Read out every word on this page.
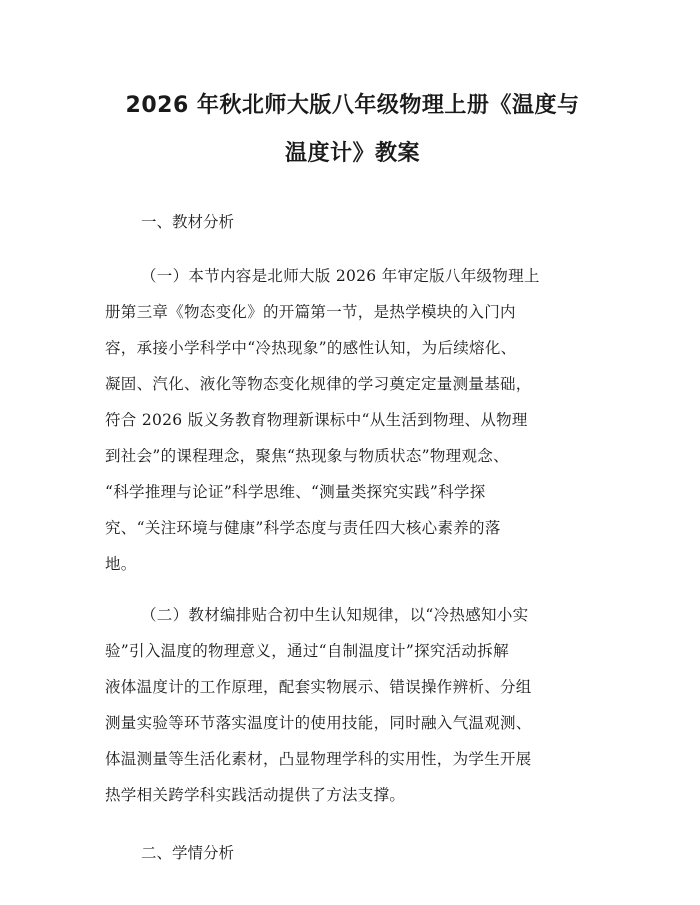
2026 年秋北师大版八年级物理上册《温度与
温度计》教案
一、教材分析

（一）本节内容是北师大版 2026 年审定版八年级物理上
册第三章《物态变化》的开篇第一节，是热学模块的入门内
容，承接小学科学中“冷热现象”的感性认知，为后续熔化、
凝固、汽化、液化等物态变化规律的学习奠定定量测量基础，
符合 2026 版义务教育物理新课标中“从生活到物理、从物理
到社会”的课程理念，聚焦“热现象与物质状态”物理观念、
“科学推理与论证”科学思维、“测量类探究实践”科学探
究、“关注环境与健康”科学态度与责任四大核心素养的落
地。

（二）教材编排贴合初中生认知规律，以“冷热感知小实
验”引入温度的物理意义，通过“自制温度计”探究活动拆解
液体温度计的工作原理，配套实物展示、错误操作辨析、分组
测量实验等环节落实温度计的使用技能，同时融入气温观测、
体温测量等生活化素材，凸显物理学科的实用性，为学生开展
热学相关跨学科实践活动提供了方法支撑。

二、学情分析
